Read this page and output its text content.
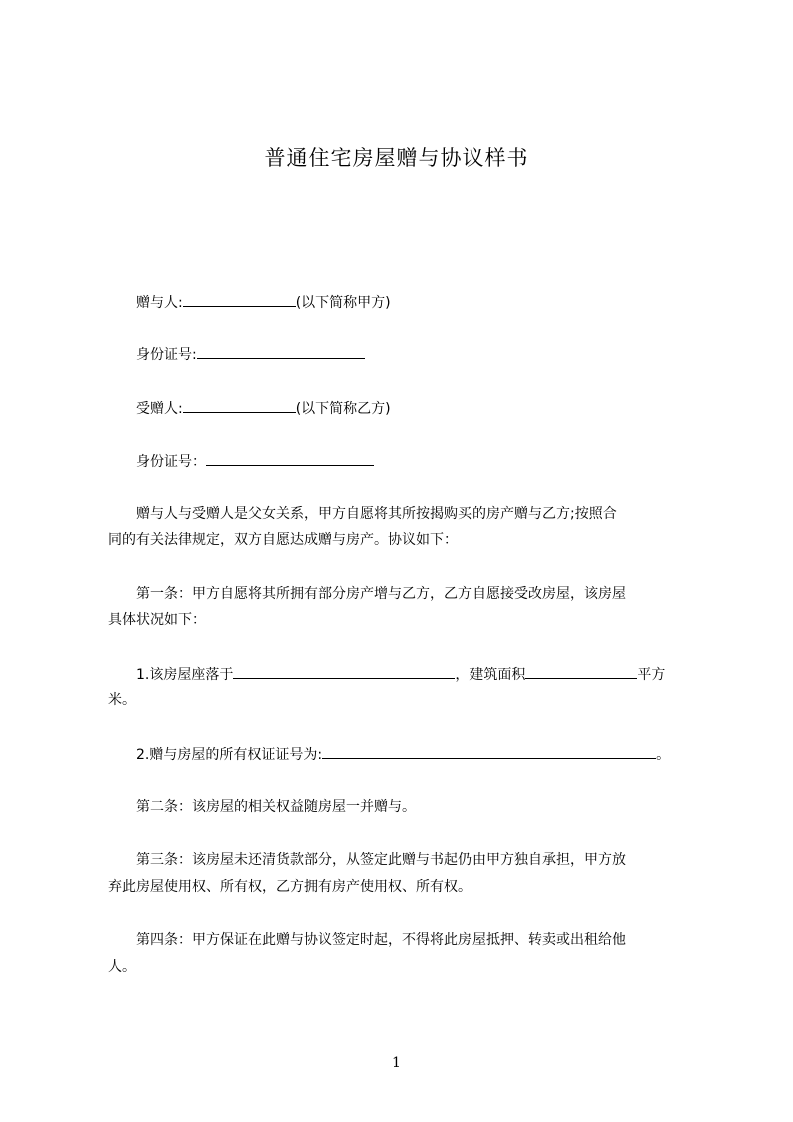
普通住宅房屋赠与协议样书
赠与人:	(以下简称甲方)
身份证号:
受赠人:	(以下简称乙方)
身份证号：
赠与人与受赠人是父女关系，甲方自愿将其所按揭购买的房产赠与乙方;按照合
同的有关法律规定，双方自愿达成赠与房产。协议如下：
第一条：甲方自愿将其所拥有部分房产增与乙方，乙方自愿接受改房屋，该房屋
具体状况如下：
1.该房屋座落于	，建筑面积	平方
米。
2.赠与房屋的所有权证证号为:	。
第二条：该房屋的相关权益随房屋一并赠与。
第三条：该房屋未还清货款部分，从签定此赠与书起仍由甲方独自承担，甲方放
弃此房屋使用权、所有权，乙方拥有房产使用权、所有权。
第四条：甲方保证在此赠与协议签定时起，不得将此房屋抵押、转卖或出租给他
人。
1
